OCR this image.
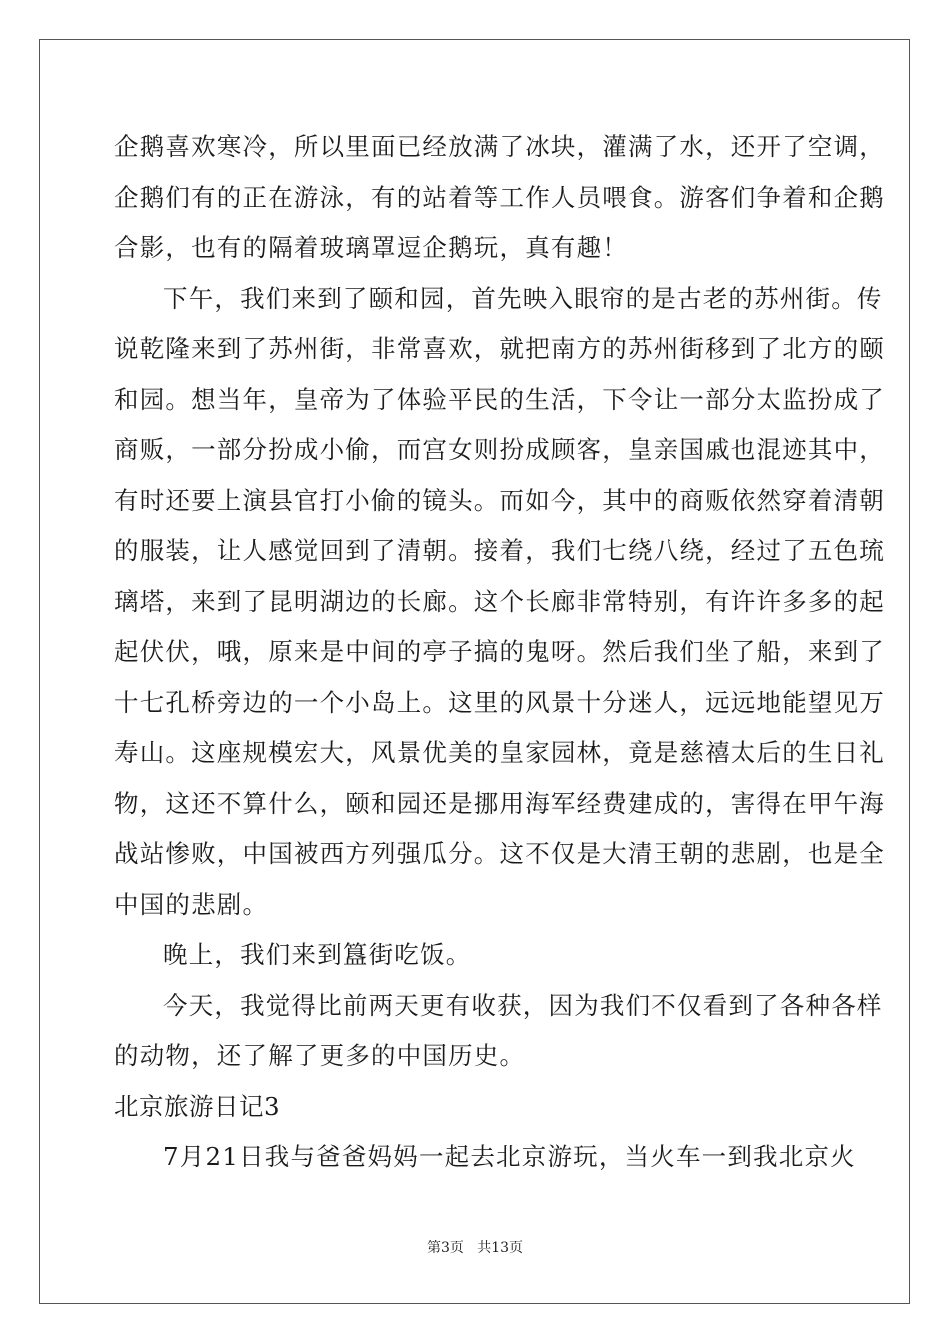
企鹅喜欢寒冷，所以里面已经放满了冰块，灌满了水，还开了空调，
企鹅们有的正在游泳，有的站着等工作人员喂食。游客们争着和企鹅
合影，也有的隔着玻璃罩逗企鹅玩，真有趣！
下午，我们来到了颐和园，首先映入眼帘的是古老的苏州街。传
说乾隆来到了苏州街，非常喜欢，就把南方的苏州街移到了北方的颐
和园。想当年，皇帝为了体验平民的生活，下令让一部分太监扮成了
商贩，一部分扮成小偷，而宫女则扮成顾客，皇亲国戚也混迹其中，
有时还要上演县官打小偷的镜头。而如今，其中的商贩依然穿着清朝
的服装，让人感觉回到了清朝。接着，我们七绕八绕，经过了五色琉
璃塔，来到了昆明湖边的长廊。这个长廊非常特别，有许许多多的起
起伏伏，哦，原来是中间的亭子搞的鬼呀。然后我们坐了船，来到了
十七孔桥旁边的一个小岛上。这里的风景十分迷人，远远地能望见万
寿山。这座规模宏大，风景优美的皇家园林，竟是慈禧太后的生日礼
物，这还不算什么，颐和园还是挪用海军经费建成的，害得在甲午海
战站惨败，中国被西方列强瓜分。这不仅是大清王朝的悲剧，也是全
中国的悲剧。
晚上，我们来到簋街吃饭。
今天，我觉得比前两天更有收获，因为我们不仅看到了各种各样
的动物，还了解了更多的中国历史。
北京旅游日记3
7月21日我与爸爸妈妈一起去北京游玩，当火车一到我北京火
第3页   共13页
